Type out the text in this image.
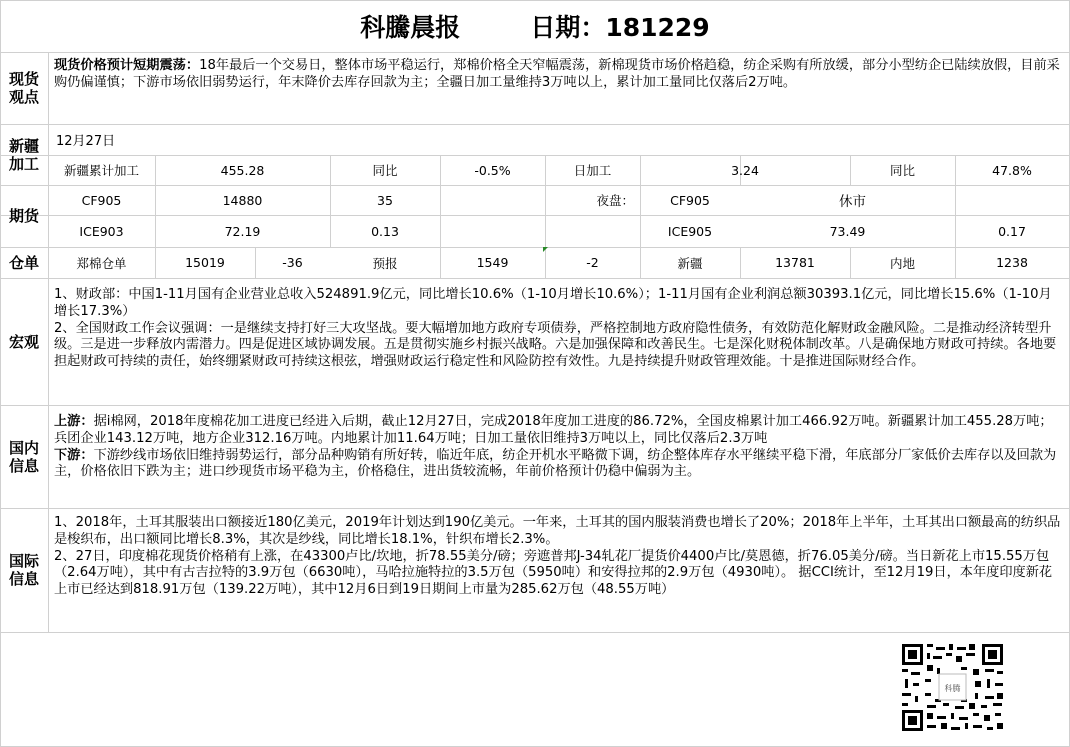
科騰晨报	日期：181229
现货观点
现货价格预计短期震荡：18年最后一个交易日，整体市场平稳运行，郑棉价格全天窄幅震荡，新棉现货市场价格趋稳，纺企采购有所放缓，部分小型纺企已陆续放假，目前采购仍偏谨慎；下游市场依旧弱势运行，年末降价去库存回款为主；全疆日加工量维持3万吨以上，累计加工量同比仅落后2万吨。
新疆加工
12月27日
新疆累计加工	455.28	同比	-0.5%	日加工	3.24	同比	47.8%
期货
CF905	14880	35	夜盘：	CF905	休市
ICE903	72.19	0.13	ICE905	73.49	0.17
仓单	郑棉仓单	15019	-36	预报	1549	-2	新疆	13781	内地	1238
宏观
1、财政部：中国1-11月国有企业营业总收入524891.9亿元，同比增长10.6%（1-10月增长10.6%）；1-11月国有企业利润总额30393.1亿元，同比增长15.6%（1-10月增长17.3%）
2、全国财政工作会议强调：一是继续支持打好三大攻坚战。要大幅增加地方政府专项债券，严格控制地方政府隐性债务，有效防范化解财政金融风险。二是推动经济转型升级。三是进一步释放内需潜力。四是促进区域协调发展。五是贯彻实施乡村振兴战略。六是加强保障和改善民生。七是深化财税体制改革。八是确保地方财政可持续。各地要担起财政可持续的责任，始终绷紧财政可持续这根弦，增强财政运行稳定性和风险防控有效性。九是持续提升财政管理效能。十是推进国际财经合作。
国内信息
上游：据i棉网，2018年度棉花加工进度已经进入后期，截止12月27日，完成2018年度加工进度的86.72%，全国皮棉累计加工466.92万吨。新疆累计加工455.28万吨；兵团企业143.12万吨，地方企业312.16万吨。内地累计加11.64万吨；日加工量依旧维持3万吨以上，同比仅落后2.3万吨
下游：下游纱线市场依旧维持弱势运行，部分品种购销有所好转，临近年底，纺企开机水平略微下调，纺企整体库存水平继续平稳下滑，年底部分厂家低价去库存以及回款为主，价格依旧下跌为主；进口纱现货市场平稳为主，价格稳住，进出货较流畅，年前价格预计仍稳中偏弱为主。
国际信息
1、2018年，土耳其服装出口额接近180亿美元，2019年计划达到190亿美元。一年来，土耳其的国内服装消费也增长了20%；2018年上半年，土耳其出口额最高的纺织品是梭织布，出口额同比增长8.3%，其次是纱线，同比增长18.1%，针织布增长2.3%。
2、27日，印度棉花现货价格稍有上涨，在43300卢比/坎地，折78.55美分/磅；旁遮普邦J-34轧花厂提货价4400卢比/莫恩德，折76.05美分/磅。当日新花上市15.55万包（2.64万吨），其中有古吉拉特的3.9万包（6630吨），马哈拉施特拉的3.5万包（5950吨）和安得拉邦的2.9万包（4930吨）。 据CCI统计，至12月19日，本年度印度新花上市已经达到818.91万包（139.22万吨），其中12月6日到19日期间上市量为285.62万包（48.55万吨）
科腾
